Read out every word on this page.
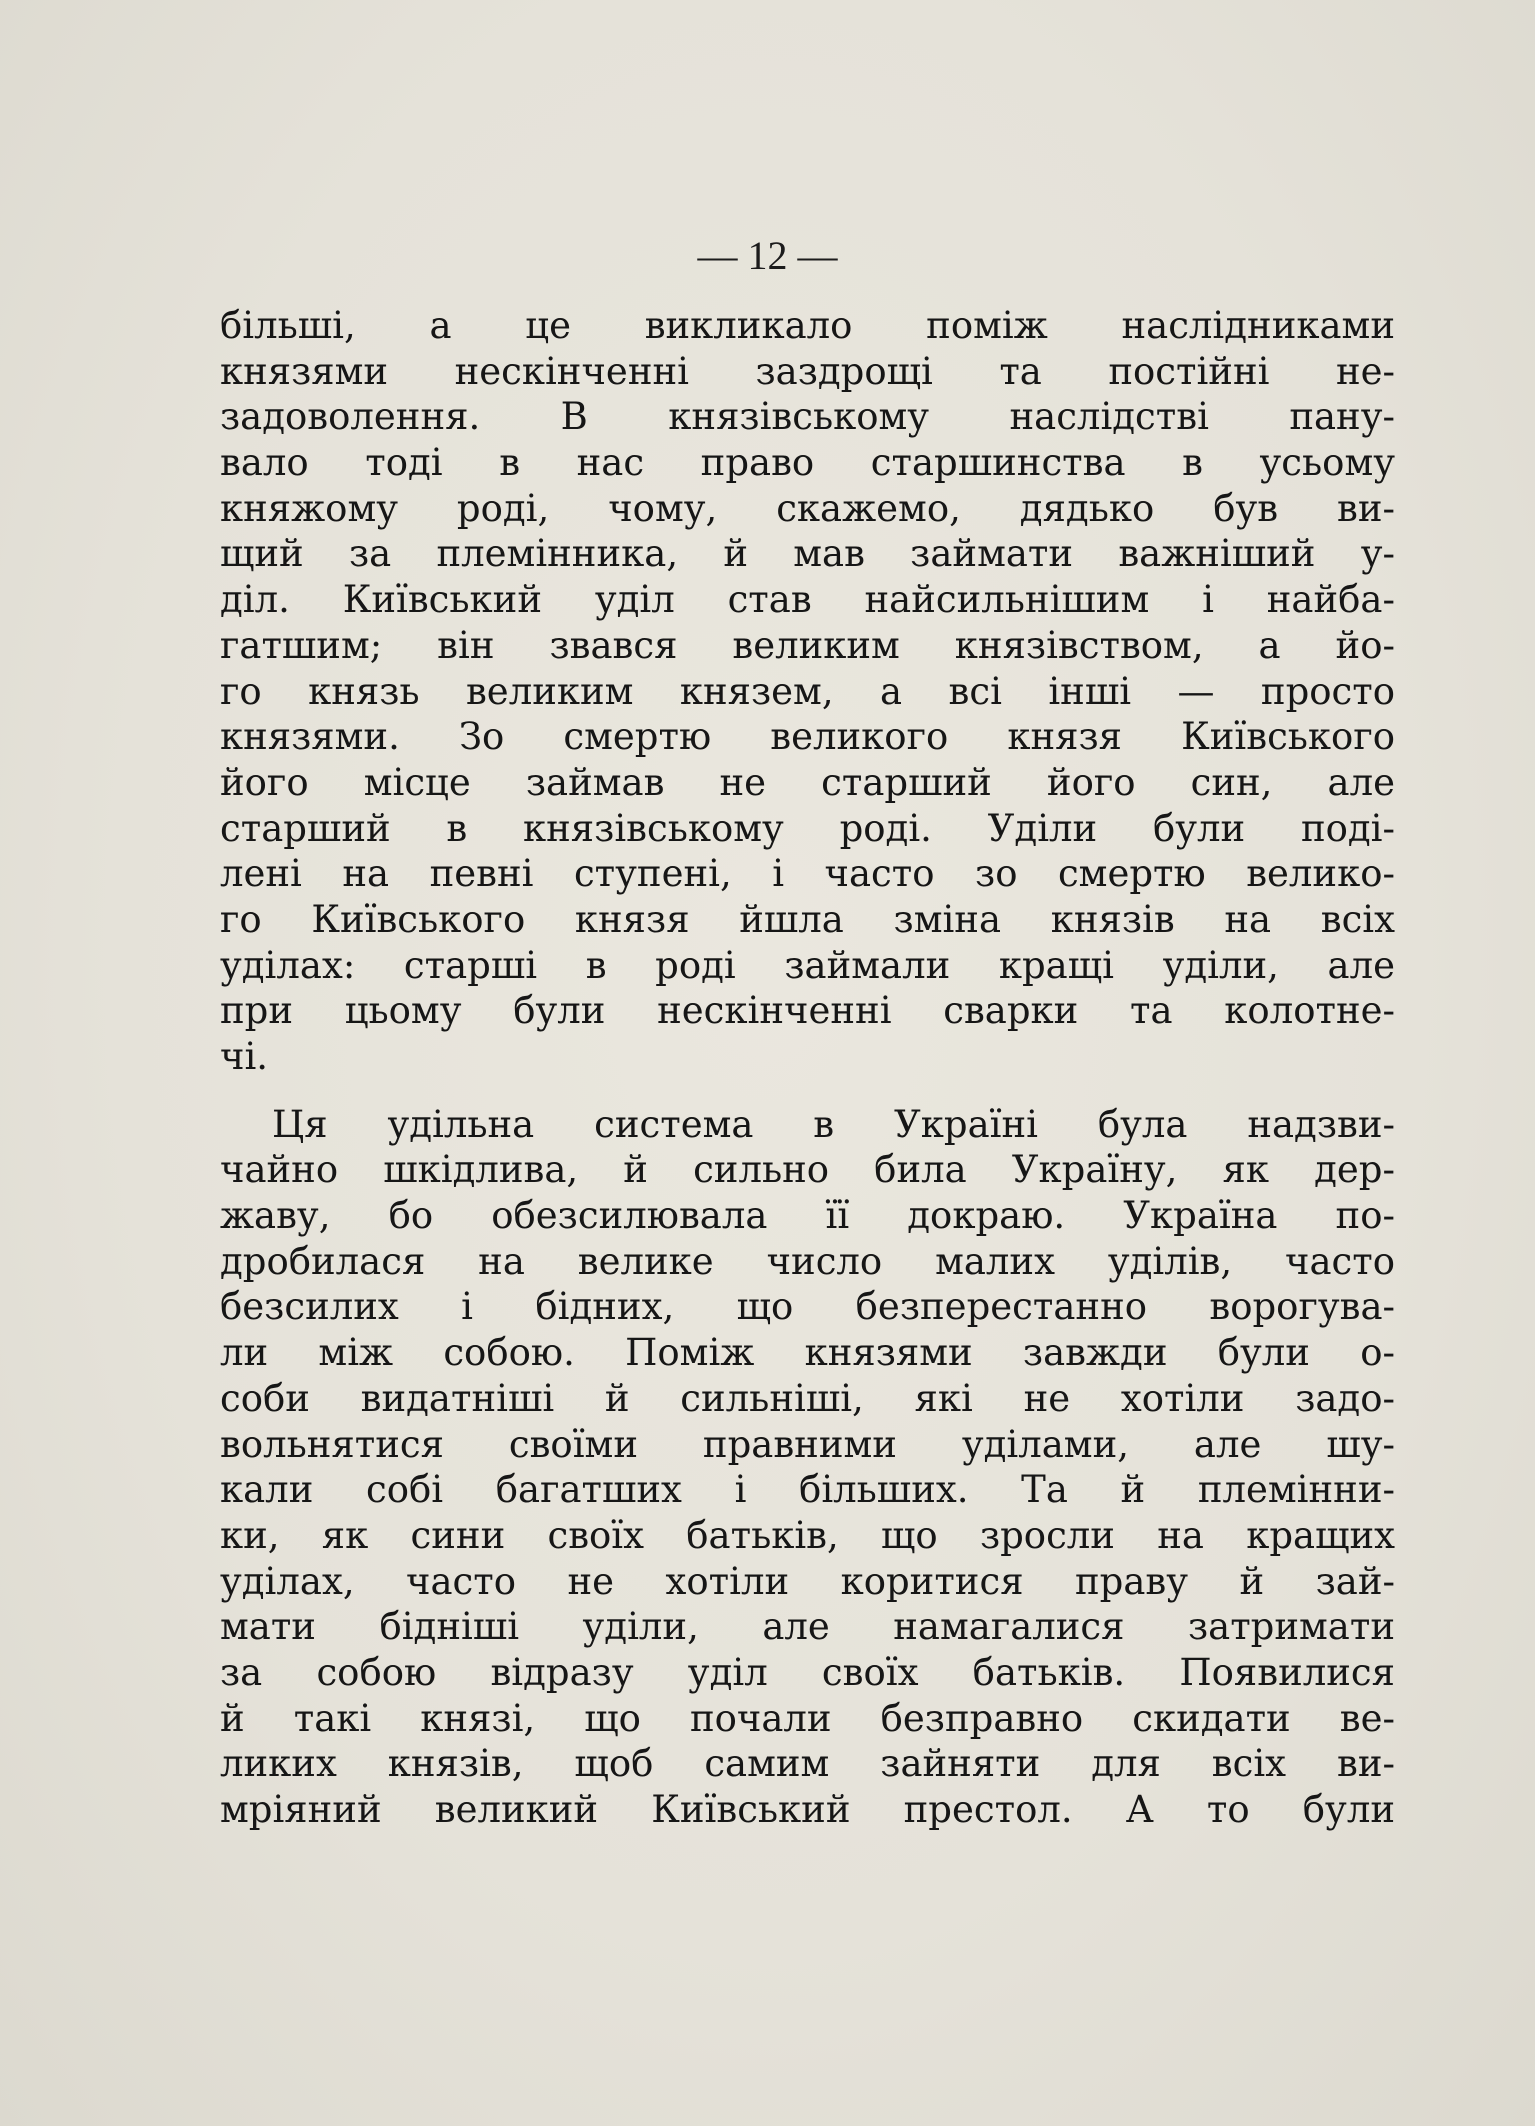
— 12 —
більші, а це викликало поміж наслідниками
князями нескінченні заздрощі та постійні не-
задоволення. В князівському наслідстві пану-
вало тоді в нас право старшинства в усьому
княжому роді, чому, скажемо, дядько був ви-
щий за племінника, й мав займати важніший у-
діл. Київський уділ став найсильнішим і найба-
гатшим; він звався великим князівством, а йо-
го князь великим князем, а всі інші — просто
князями. Зо смертю великого князя Київського
його місце займав не старший його син, але
старший в князівському роді. Уділи були поді-
лені на певні ступені, і часто зо смертю велико-
го Київського князя йшла зміна князів на всіх
уділах: старші в роді займали кращі уділи, але
при цьому були нескінченні сварки та колотне-
чі.
Ця удільна система в Україні була надзви-
чайно шкідлива, й сильно била Україну, як дер-
жаву, бо обезсилювала її докраю. Україна по-
дробилася на велике число малих уділів, часто
безсилих і бідних, що безперестанно ворогува-
ли між собою. Поміж князями завжди були о-
соби видатніші й сильніші, які не хотіли задо-
вольнятися своїми правними уділами, але шу-
кали собі багатших і більших. Та й племінни-
ки, як сини своїх батьків, що зросли на кращих
уділах, часто не хотіли коритися праву й зай-
мати бідніші уділи, але намагалися затримати
за собою відразу уділ своїх батьків. Появилися
й такі князі, що почали безправно скидати ве-
ликих князів, щоб самим зайняти для всіх ви-
мріяний великий Київський престол. А то були
